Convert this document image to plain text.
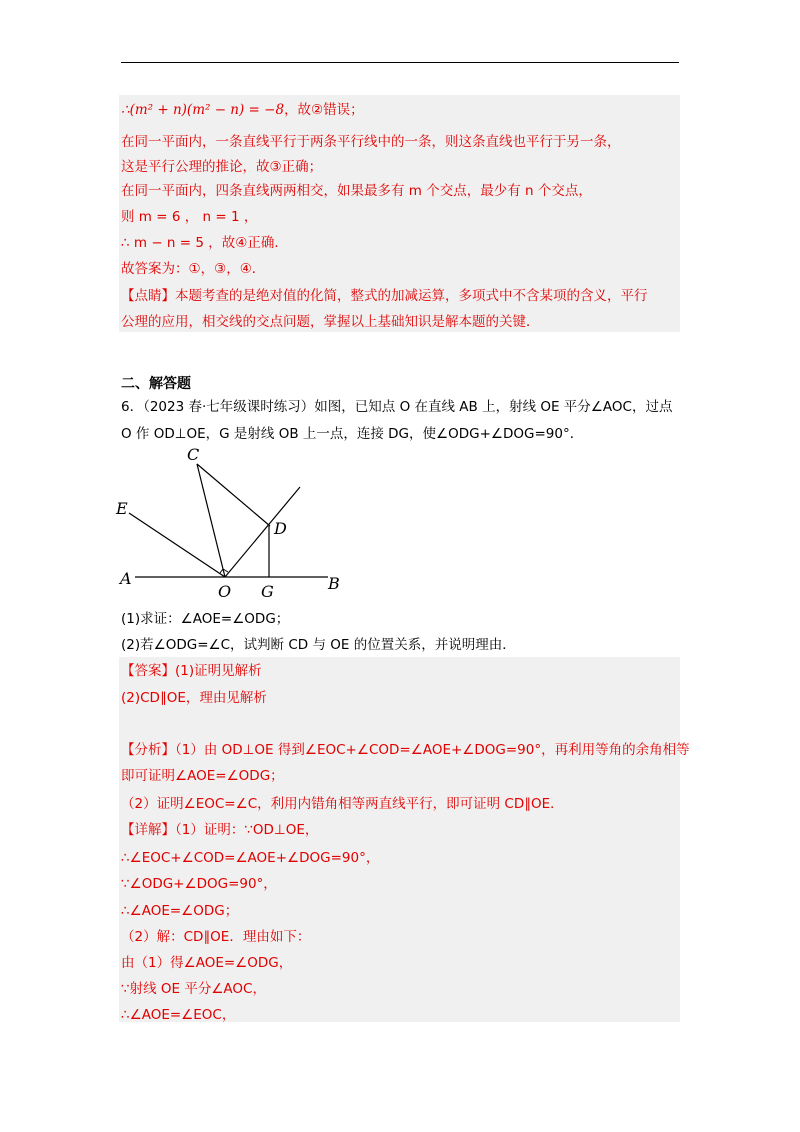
∴(m² + n)(m² − n) = −8，故②错误；
在同一平面内，一条直线平行于两条平行线中的一条，则这条直线也平行于另一条，
这是平行公理的推论，故③正确；
在同一平面内，四条直线两两相交，如果最多有 m 个交点，最少有 n 个交点，
则 m = 6 ， n = 1 ，
∴ m − n = 5 ，故④正确．
故答案为：①，③，④．
【点睛】本题考查的是绝对值的化简，整式的加减运算，多项式中不含某项的含义，平行
公理的应用，相交线的交点问题，掌握以上基础知识是解本题的关键．
二、解答题
6．（2023 春·七年级课时练习）如图，已知点 O 在直线 AB 上，射线 OE 平分∠AOC，过点
O 作 OD⊥OE，G 是射线 OB 上一点，连接 DG，使∠ODG+∠DOG=90°．
C
E
D
A
O G	B
(1)求证：∠AOE=∠ODG；
(2)若∠ODG=∠C，试判断 CD 与 OE 的位置关系，并说明理由．
【答案】(1)证明见解析
(2)CD∥OE，理由见解析
【分析】（1）由 OD⊥OE 得到∠EOC+∠COD=∠AOE+∠DOG=90°，再利用等角的余角相等
即可证明∠AOE=∠ODG；
（2）证明∠EOC=∠C，利用内错角相等两直线平行，即可证明 CD∥OE．
【详解】（1）证明：∵OD⊥OE，
∴∠EOC+∠COD=∠AOE+∠DOG=90°，
∵∠ODG+∠DOG=90°，
∴∠AOE=∠ODG；
（2）解：CD∥OE．理由如下：
由（1）得∠AOE=∠ODG，
∵射线 OE 平分∠AOC，
∴∠AOE=∠EOC，
